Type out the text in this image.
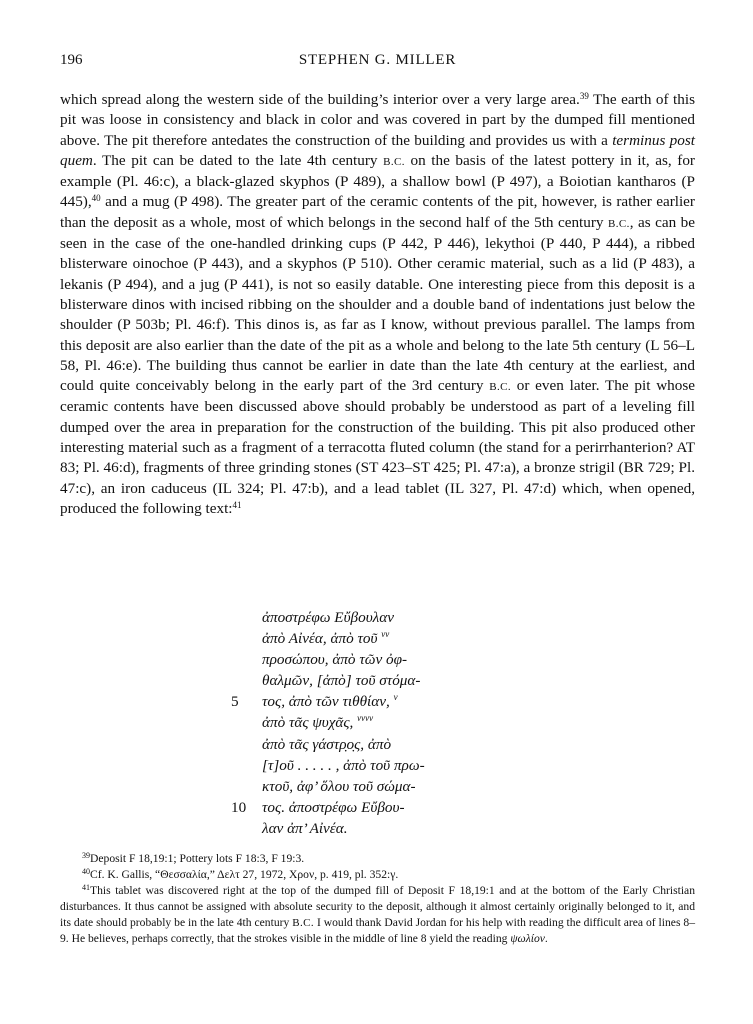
196	STEPHEN G. MILLER

which spread along the western side of the building’s interior over a very large area.$^{39}$ The earth of this pit was loose in consistency and black in color and was covered in part by the dumped fill mentioned above. The pit therefore antedates the construction of the building and provides us with a terminus post quem. The pit can be dated to the late 4th century B.C. on the basis of the latest pottery in it, as, for example (Pl. 46:c), a black-glazed skyphos (P 489), a shallow bowl (P 497), a Boiotian kantharos (P 445),$^{40}$ and a mug (P 498). The greater part of the ceramic contents of the pit, however, is rather earlier than the deposit as a whole, most of which belongs in the second half of the 5th century B.C., as can be seen in the case of the one-handled drinking cups (P 442, P 446), lekythoi (P 440, P 444), a ribbed blisterware oinochoe (P 443), and a skyphos (P 510). Other ceramic material, such as a lid (P 483), a lekanis (P 494), and a jug (P 441), is not so easily datable. One interesting piece from this deposit is a blisterware dinos with incised ribbing on the shoulder and a double band of indentations just below the shoulder (P 503b; Pl. 46:f). This dinos is, as far as I know, without previous parallel. The lamps from this deposit are also earlier than the date of the pit as a whole and belong to the late 5th century (L 56–L 58, Pl. 46:e). The building thus cannot be earlier in date than the late 4th century at the earliest, and could quite conceivably belong in the early part of the 3rd century B.C. or even later. The pit whose ceramic contents have been discussed above should probably be understood as part of a leveling fill dumped over the area in preparation for the construction of the building. This pit also produced other interesting material such as a fragment of a terracotta fluted column (the stand for a perirrhanterion? AT 83; Pl. 46:d), fragments of three grinding stones (ST 423–ST 425; Pl. 47:a), a bronze strigil (BR 729; Pl. 47:c), an iron caduceus (IL 324; Pl. 47:b), and a lead tablet (IL 327, Pl. 47:d) which, when opened, produced the following text:$^{41}$

ἀποστρέφω Εὔβουλαν
ἀπὸ Αἰνέα, ἀπὸ τοῦ $^{vv}$
προσώπου, ἀπὸ τῶν ὀφ-
θαλμῶν, [ἀπὸ] τοῦ στόμα-
5 τος, ἀπὸ τῶν τιθθίαν, $^v$
ἀπὸ τᾶς ψυχᾶς, $^{vvvv}$
ἀπὸ τᾶς γάστρ̣ο̣ς, ἀπὸ
[τ]οῦ . . . . . , ἀπὸ τοῦ πρω-
κτοῦ, ἀφ’ ὅλου τοῦ σώμα-
10 τος. ἀποστρέφω Εὔβου-
λαν ἀπ’ Αἰνέα.

$^{39}$Deposit F 18,19:1; Pottery lots F 18:3, F 19:3.

$^{40}$Cf. K. Gallis, “Θεσσαλία,” Δελτ 27, 1972, Χρον, p. 419, pl. 352:γ.

$^{41}$This tablet was discovered right at the top of the dumped fill of Deposit F 18,19:1 and at the bottom of the Early Christian disturbances. It thus cannot be assigned with absolute security to the deposit, although it almost certainly originally belonged to it, and its date should probably be in the late 4th century B.C. I would thank David Jordan for his help with reading the difficult area of lines 8–9. He believes, perhaps correctly, that the strokes visible in the middle of line 8 yield the reading ψωλίον.
